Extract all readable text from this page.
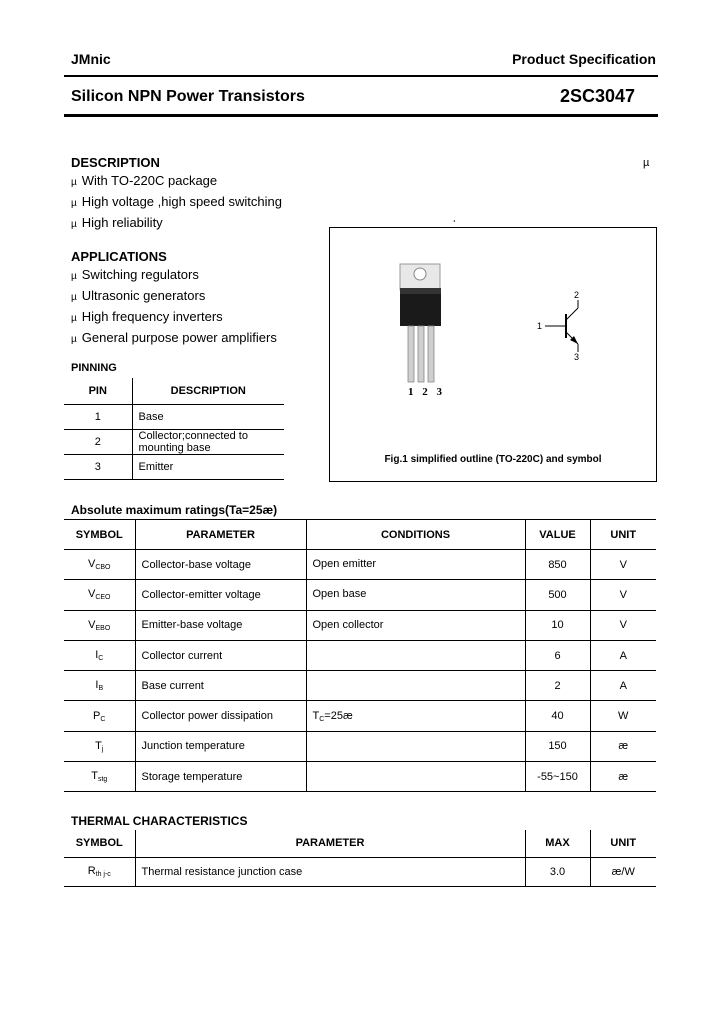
JMnic	Product Specification
Silicon NPN Power Transistors	2SC3047
DESCRIPTION	µ
µ With TO-220C package
µ High voltage ,high speed switching
µ High reliability	¸
APPLICATIONS
µ Switching regulators
µ Ultrasonic generators
µ High frequency inverters
µ General purpose power amplifiers
PINNING
PIN	DESCRIPTION
1	Base
2	Collector;connected to mounting base
3	Emitter
1 2 3
1
2
3
Fig.1 simplified outline (TO-220C) and symbol
Absolute maximum ratings(Ta=25æ)
SYMBOL	PARAMETER	CONDITIONS	VALUE	UNIT
$V_{CBO}$	Collector-base voltage	Open emitter	850	V
$V_{CEO}$	Collector-emitter voltage	Open base	500	V
$V_{EBO}$	Emitter-base voltage	Open collector	10	V
$I_C$	Collector current		6	A
$I_B$	Base current		2	A
$P_C$	Collector power dissipation	$T_C=25æ$	40	W
$T_j$	Junction temperature		150	æ
$T_{stg}$	Storage temperature		-55~150	æ
THERMAL CHARACTERISTICS
SYMBOL	PARAMETER	MAX	UNIT
$R_{th j-c}$	Thermal resistance junction case	3.0	æ/W
